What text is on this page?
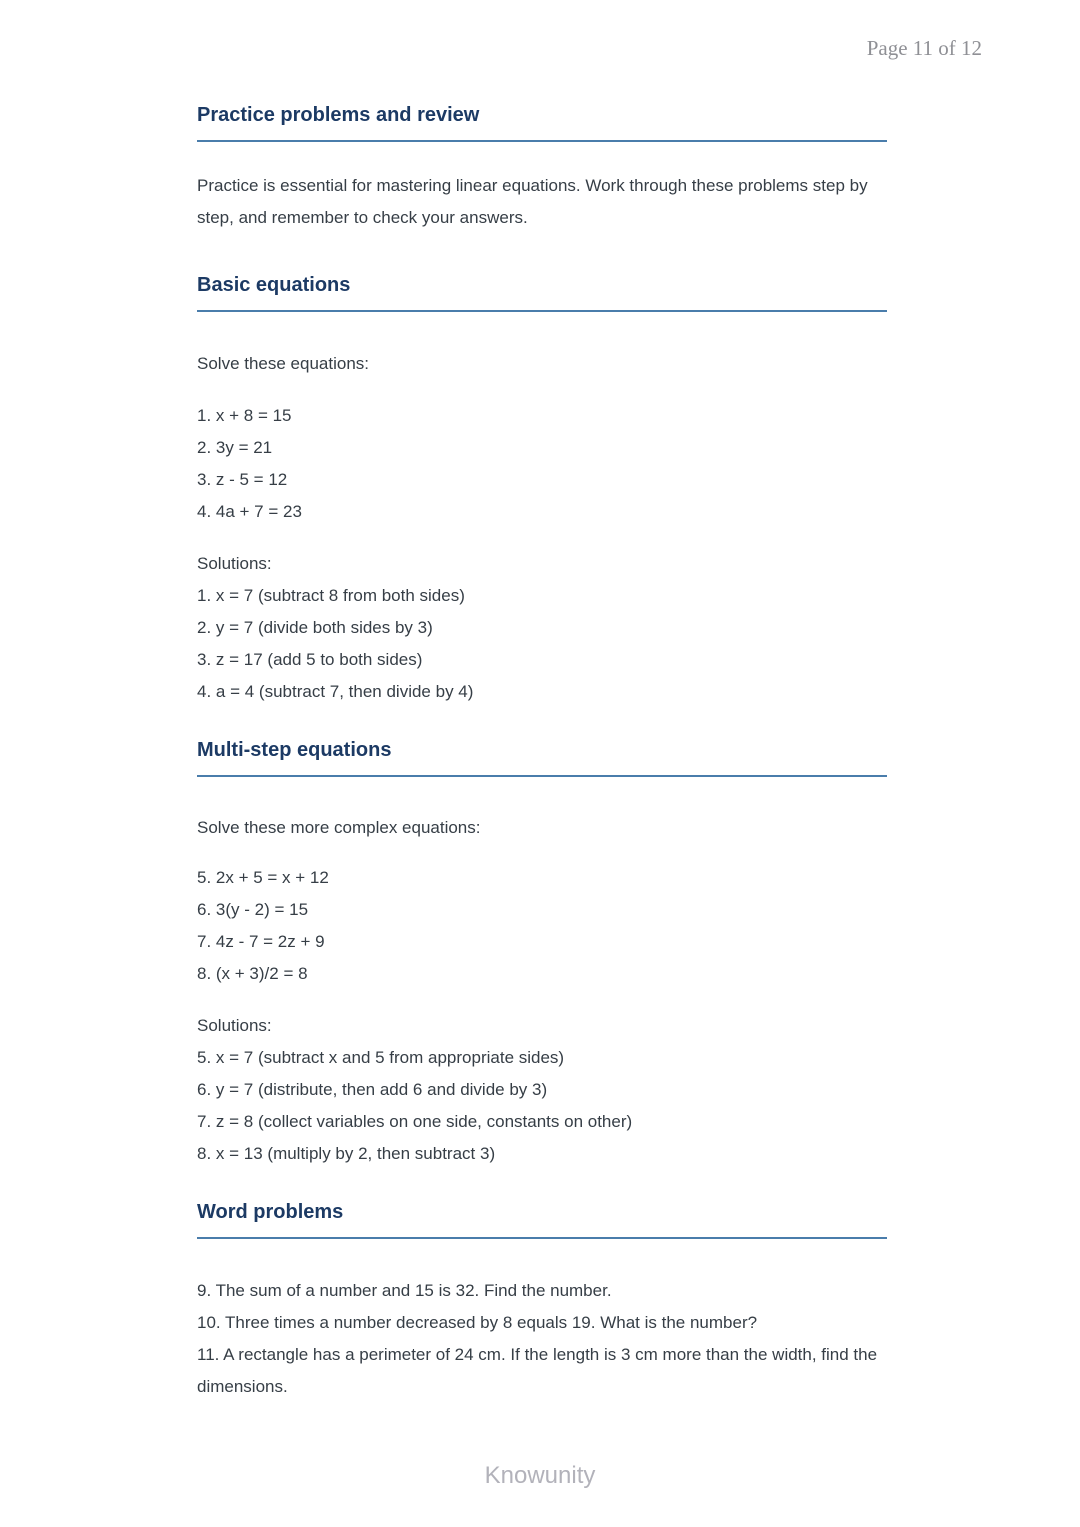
Page 11 of 12
Practice problems and review

Practice is essential for mastering linear equations. Work through these problems step by step, and remember to check your answers.

Basic equations

Solve these equations:

1. x + 8 = 15
2. 3y = 21
3. z - 5 = 12
4. 4a + 7 = 23
Solutions:
1. x = 7 (subtract 8 from both sides)
2. y = 7 (divide both sides by 3)
3. z = 17 (add 5 to both sides)
4. a = 4 (subtract 7, then divide by 4)
Multi-step equations

Solve these more complex equations:

5. 2x + 5 = x + 12
6. 3(y - 2) = 15
7. 4z - 7 = 2z + 9
8. (x + 3)/2 = 8
Solutions:
5. x = 7 (subtract x and 5 from appropriate sides)
6. y = 7 (distribute, then add 6 and divide by 3)
7. z = 8 (collect variables on one side, constants on other)
8. x = 13 (multiply by 2, then subtract 3)
Word problems
9. The sum of a number and 15 is 32. Find the number.
10. Three times a number decreased by 8 equals 19. What is the number?
11. A rectangle has a perimeter of 24 cm. If the length is 3 cm more than the width, find the dimensions.
Knowunity
